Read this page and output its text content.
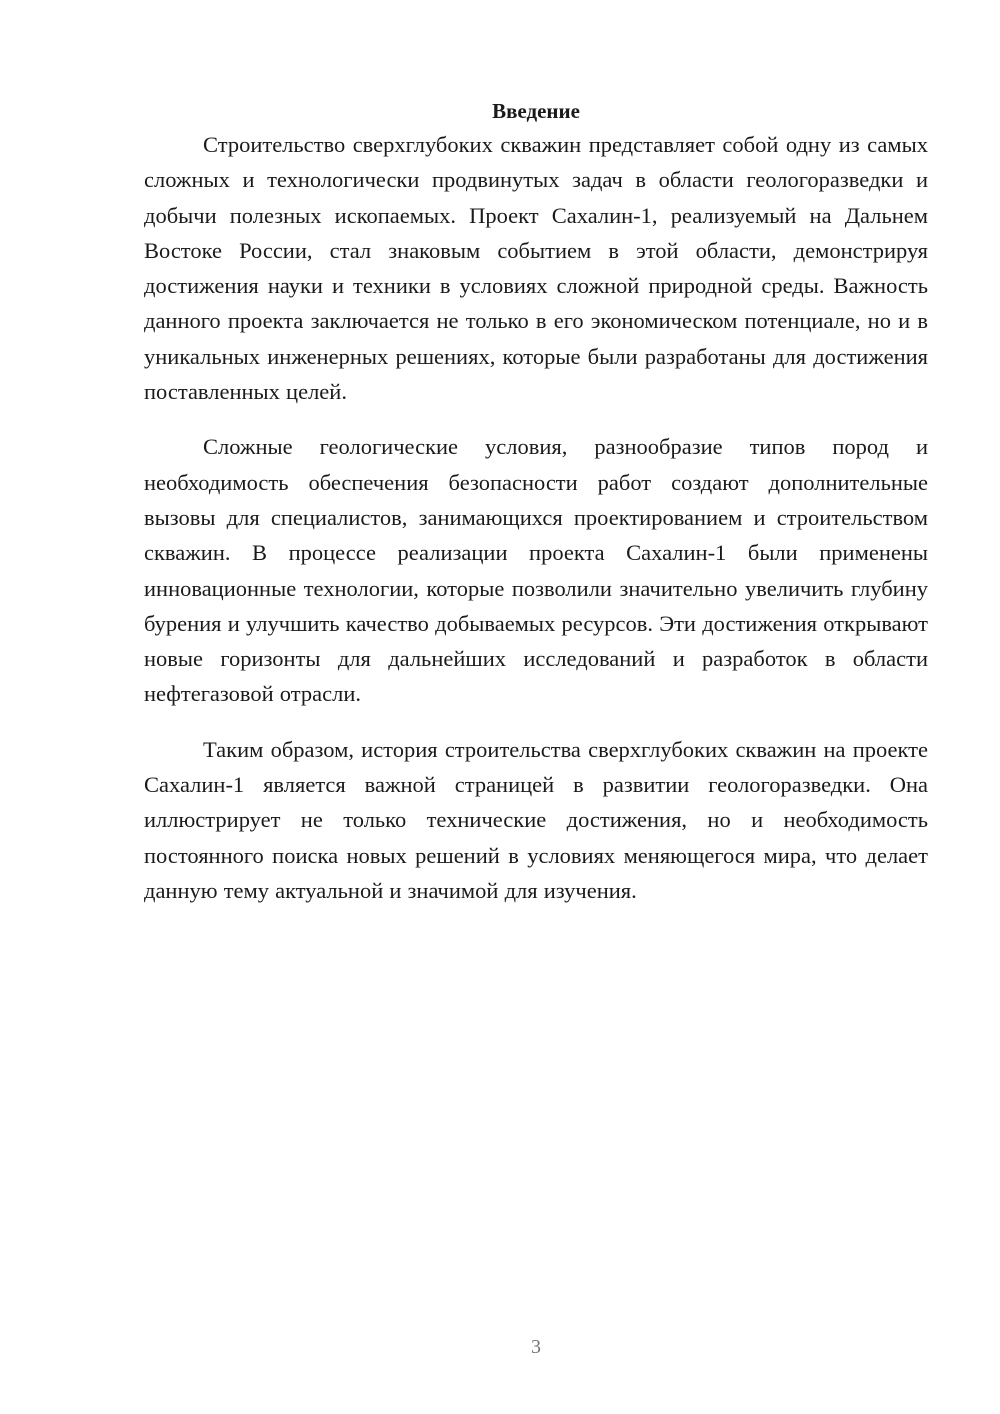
Введение

Строительство сверхглубоких скважин представляет собой одну из самых сложных и технологически продвинутых задач в области геологоразведки и добычи полезных ископаемых. Проект Сахалин-1, реализуемый на Дальнем Востоке России, стал знаковым событием в этой области, демонстрируя достижения науки и техники в условиях сложной природной среды. Важность данного проекта заключается не только в его экономическом потенциале, но и в уникальных инженерных решениях, которые были разработаны для достижения поставленных целей.

Сложные геологические условия, разнообразие типов пород и необходимость обеспечения безопасности работ создают дополнительные вызовы для специалистов, занимающихся проектированием и строительством скважин. В процессе реализации проекта Сахалин-1 были применены инновационные технологии, которые позволили значительно увеличить глубину бурения и улучшить качество добываемых ресурсов. Эти достижения открывают новые горизонты для дальнейших исследований и разработок в области нефтегазовой отрасли.

Таким образом, история строительства сверхглубоких скважин на проекте Сахалин-1 является важной страницей в развитии геологоразведки. Она иллюстрирует не только технические достижения, но и необходимость постоянного поиска новых решений в условиях меняющегося мира, что делает данную тему актуальной и значимой для изучения.

3
